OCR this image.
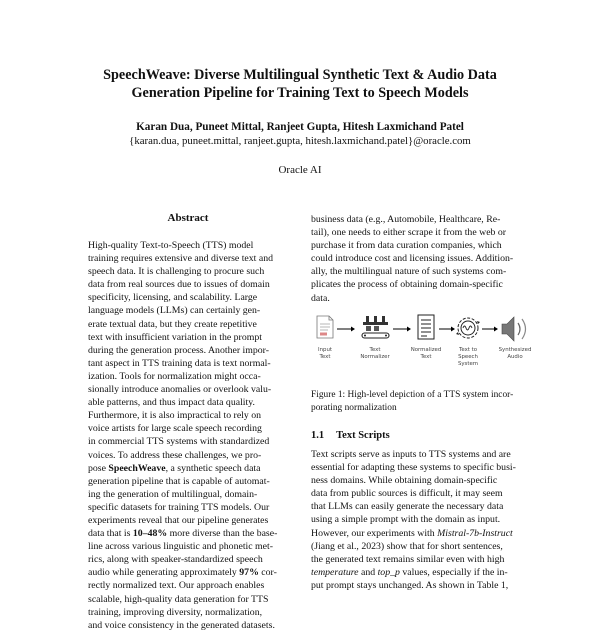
SpeechWeave: Diverse Multilingual Synthetic Text & Audio Data
Generation Pipeline for Training Text to Speech Models
Karan Dua, Puneet Mittal, Ranjeet Gupta, Hitesh Laxmichand Patel
{karan.dua, puneet.mittal, ranjeet.gupta, hitesh.laxmichand.patel}@oracle.com
Oracle AI
Abstract
High-quality Text-to-Speech (TTS) model
training requires extensive and diverse text and
speech data. It is challenging to procure such
data from real sources due to issues of domain
specificity, licensing, and scalability. Large
language models (LLMs) can certainly gen-
erate textual data, but they create repetitive
text with insufficient variation in the prompt
during the generation process. Another impor-
tant aspect in TTS training data is text normal-
ization. Tools for normalization might occa-
sionally introduce anomalies or overlook valu-
able patterns, and thus impact data quality.
Furthermore, it is also impractical to rely on
voice artists for large scale speech recording
in commercial TTS systems with standardized
voices. To address these challenges, we pro-
pose SpeechWeave, a synthetic speech data
generation pipeline that is capable of automat-
ing the generation of multilingual, domain-
specific datasets for training TTS models. Our
experiments reveal that our pipeline generates
data that is 10–48% more diverse than the base-
line across various linguistic and phonetic met-
rics, along with speaker-standardized speech
audio while generating approximately 97% cor-
rectly normalized text. Our approach enables
scalable, high-quality data generation for TTS
training, improving diversity, normalization,
and voice consistency in the generated datasets.
business data (e.g., Automobile, Healthcare, Re-
tail), one needs to either scrape it from the web or
purchase it from data curation companies, which
could introduce cost and licensing issues. Addition-
ally, the multilingual nature of such systems com-
plicates the process of obtaining domain-specific
data.
Input
Text
Text
Normalizer
Normalized
Text
Text to
Speech
System
Synthesized
Audio
Figure 1: High-level depiction of a TTS system incor-
porating normalization
1.1 Text Scripts
Text scripts serve as inputs to TTS systems and are
essential for adapting these systems to specific busi-
ness domains. While obtaining domain-specific
data from public sources is difficult, it may seem
that LLMs can easily generate the necessary data
using a simple prompt with the domain as input.
However, our experiments with Mistral-7b-Instruct
(Jiang et al., 2023) show that for short sentences,
the generated text remains similar even with high
temperature and top_p values, especially if the in-
put prompt stays unchanged. As shown in Table 1,
